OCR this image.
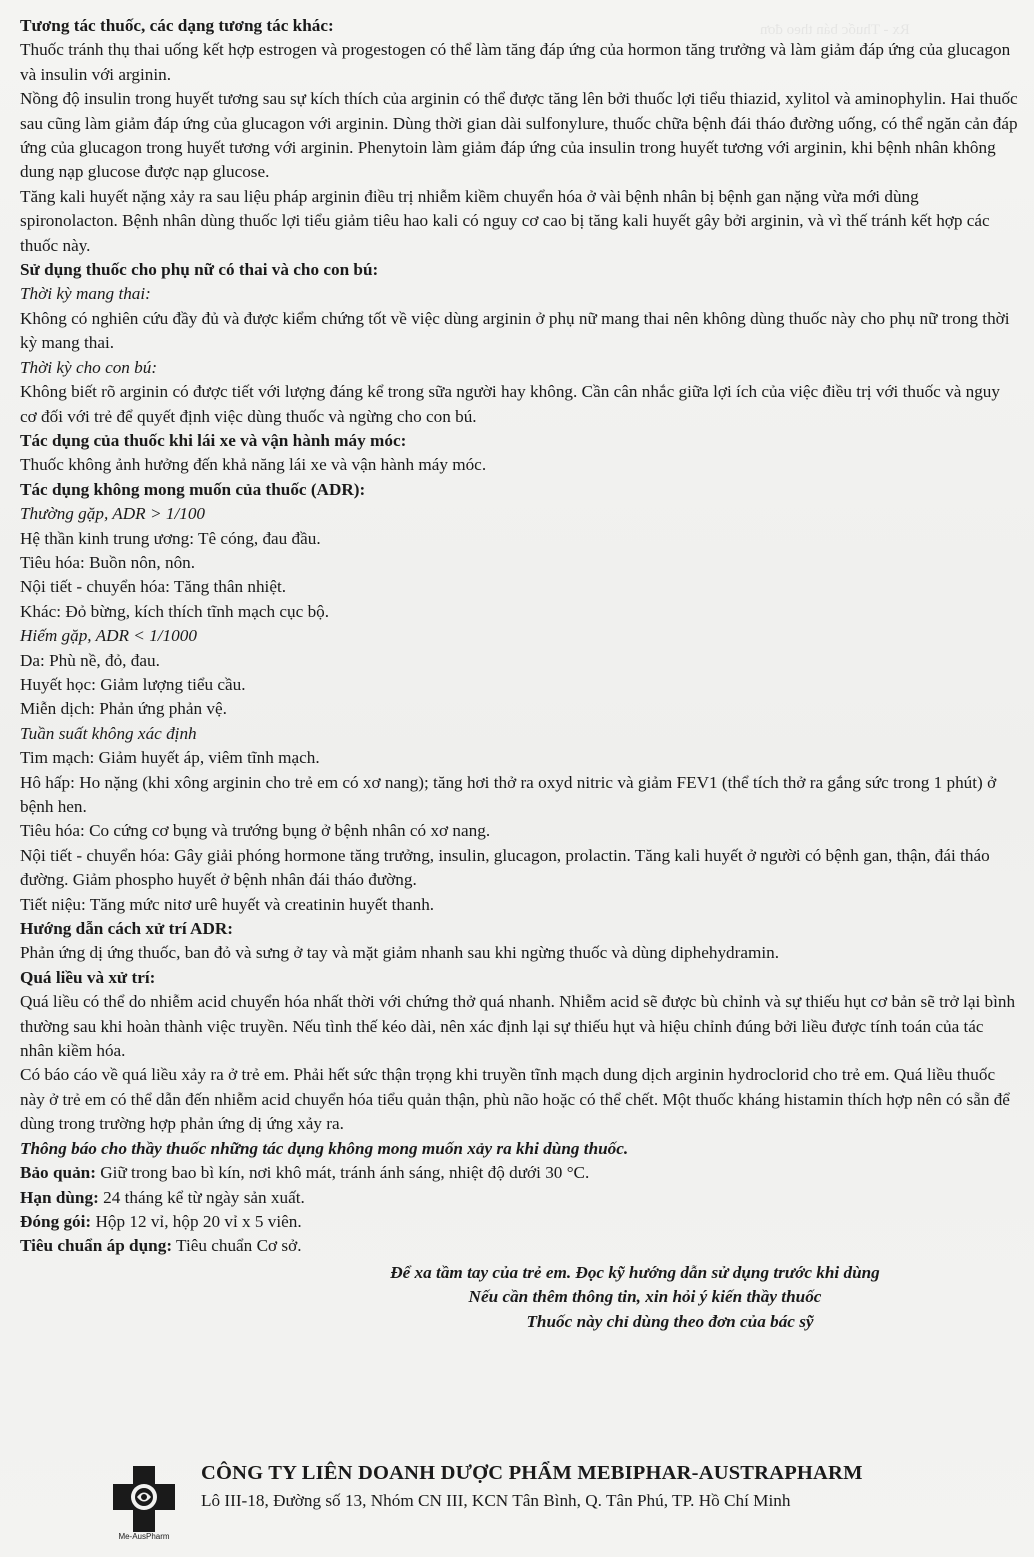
Rx - Thuốc bán theo đơn

Tương tác thuốc, các dạng tương tác khác:

Thuốc tránh thụ thai uống kết hợp estrogen và progestogen có thể làm tăng đáp ứng của hormon tăng trưởng và làm giảm đáp ứng của glucagon và insulin với arginin.

Nồng độ insulin trong huyết tương sau sự kích thích của arginin có thể được tăng lên bởi thuốc lợi tiểu thiazid, xylitol và aminophylin. Hai thuốc sau cũng làm giảm đáp ứng của glucagon với arginin. Dùng thời gian dài sulfonylure, thuốc chữa bệnh đái tháo đường uống, có thể ngăn cản đáp ứng của glucagon trong huyết tương với arginin. Phenytoin làm giảm đáp ứng của insulin trong huyết tương với arginin, khi bệnh nhân không dung nạp glucose được nạp glucose.

Tăng kali huyết nặng xảy ra sau liệu pháp arginin điều trị nhiễm kiềm chuyển hóa ở vài bệnh nhân bị bệnh gan nặng vừa mới dùng spironolacton. Bệnh nhân dùng thuốc lợi tiểu giảm tiêu hao kali có nguy cơ cao bị tăng kali huyết gây bởi arginin, và vì thế tránh kết hợp các thuốc này.

Sử dụng thuốc cho phụ nữ có thai và cho con bú:

Thời kỳ mang thai:

Không có nghiên cứu đầy đủ và được kiểm chứng tốt về việc dùng arginin ở phụ nữ mang thai nên không dùng thuốc này cho phụ nữ trong thời kỳ mang thai.

Thời kỳ cho con bú:

Không biết rõ arginin có được tiết với lượng đáng kể trong sữa người hay không. Cần cân nhắc giữa lợi ích của việc điều trị với thuốc và nguy cơ đối với trẻ để quyết định việc dùng thuốc và ngừng cho con bú.

Tác dụng của thuốc khi lái xe và vận hành máy móc:

Thuốc không ảnh hưởng đến khả năng lái xe và vận hành máy móc.

Tác dụng không mong muốn của thuốc (ADR):

Thường gặp, ADR > 1/100

Hệ thần kinh trung ương: Tê cóng, đau đầu.

Tiêu hóa: Buồn nôn, nôn.

Nội tiết - chuyển hóa: Tăng thân nhiệt.

Khác: Đỏ bừng, kích thích tĩnh mạch cục bộ.

Hiếm gặp, ADR < 1/1000

Da: Phù nề, đỏ, đau.

Huyết học: Giảm lượng tiểu cầu.

Miễn dịch: Phản ứng phản vệ.

Tuần suất không xác định

Tim mạch: Giảm huyết áp, viêm tĩnh mạch.

Hô hấp: Ho nặng (khi xông arginin cho trẻ em có xơ nang); tăng hơi thở ra oxyd nitric và giảm FEV1 (thể tích thở ra gắng sức trong 1 phút) ở bệnh hen.

Tiêu hóa: Co cứng cơ bụng và trướng bụng ở bệnh nhân có xơ nang.

Nội tiết - chuyển hóa: Gây giải phóng hormone tăng trưởng, insulin, glucagon, prolactin. Tăng kali huyết ở người có bệnh gan, thận, đái tháo đường. Giảm phospho huyết ở bệnh nhân đái tháo đường.

Tiết niệu: Tăng mức nitơ urê huyết và creatinin huyết thanh.

Hướng dẫn cách xử trí ADR:

Phản ứng dị ứng thuốc, ban đỏ và sưng ở tay và mặt giảm nhanh sau khi ngừng thuốc và dùng diphehydramin.

Quá liều và xử trí:

Quá liều có thể do nhiễm acid chuyển hóa nhất thời với chứng thở quá nhanh. Nhiễm acid sẽ được bù chỉnh và sự thiếu hụt cơ bản sẽ trở lại bình thường sau khi hoàn thành việc truyền. Nếu tình thế kéo dài, nên xác định lại sự thiếu hụt và hiệu chỉnh đúng bởi liều được tính toán của tác nhân kiềm hóa.

Có báo cáo về quá liều xảy ra ở trẻ em. Phải hết sức thận trọng khi truyền tĩnh mạch dung dịch arginin hydroclorid cho trẻ em. Quá liều thuốc này ở trẻ em có thể dẫn đến nhiễm acid chuyển hóa tiểu quản thận, phù não hoặc có thể chết. Một thuốc kháng histamin thích hợp nên có sẵn để dùng trong trường hợp phản ứng dị ứng xảy ra.

Thông báo cho thầy thuốc những tác dụng không mong muốn xảy ra khi dùng thuốc.

Bảo quản: Giữ trong bao bì kín, nơi khô mát, tránh ánh sáng, nhiệt độ dưới 30 °C.

Hạn dùng: 24 tháng kể từ ngày sản xuất.

Đóng gói: Hộp 12 vỉ, hộp 20 vỉ x 5 viên.

Tiêu chuẩn áp dụng: Tiêu chuẩn Cơ sở.

Để xa tầm tay của trẻ em. Đọc kỹ hướng dẫn sử dụng trước khi dùng

Nếu cần thêm thông tin, xin hỏi ý kiến thầy thuốc

Thuốc này chỉ dùng theo đơn của bác sỹ

Me-AusPharm
CÔNG TY LIÊN DOANH DƯỢC PHẨM MEBIPHAR-AUSTRAPHARM
Lô III-18, Đường số 13, Nhóm CN III, KCN Tân Bình, Q. Tân Phú, TP. Hồ Chí Minh
